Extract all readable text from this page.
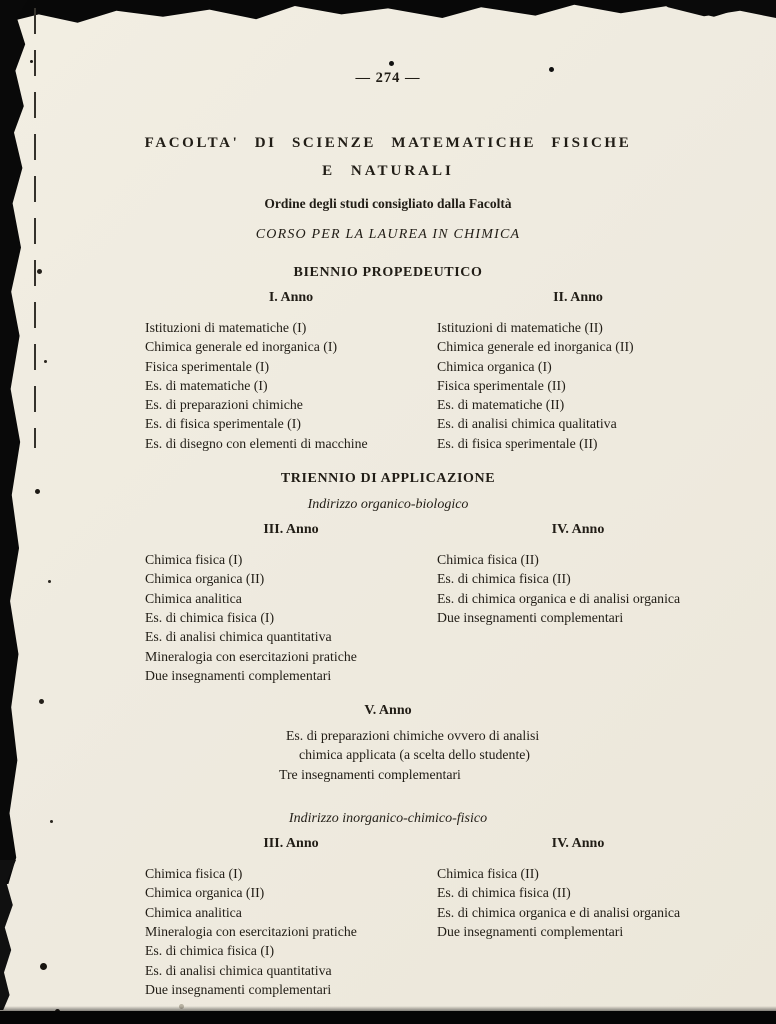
— 274 —
FACOLTA' DI SCIENZE MATEMATICHE FISICHE
E NATURALI
Ordine degli studi consigliato dalla Facoltà
CORSO PER LA LAUREA IN CHIMICA
BIENNIO PROPEDEUTICO
I. Anno
Istituzioni di matematiche (I)
Chimica generale ed inorganica (I)
Fisica sperimentale (I)
Es. di matematiche (I)
Es. di preparazioni chimiche
Es. di fisica sperimentale (I)
Es. di disegno con elementi di macchine
II. Anno
Istituzioni di matematiche (II)
Chimica generale ed inorganica (II)
Chimica organica (I)
Fisica sperimentale (II)
Es. di matematiche (II)
Es. di analisi chimica qualitativa
Es. di fisica sperimentale (II)
TRIENNIO DI APPLICAZIONE
Indirizzo organico-biologico
III. Anno
Chimica fisica (I)
Chimica organica (II)
Chimica analitica
Es. di chimica fisica (I)
Es. di analisi chimica quantitativa
Mineralogia con esercitazioni pratiche
Due insegnamenti complementari
IV. Anno
Chimica fisica (II)
Es. di chimica fisica (II)
Es. di chimica organica e di analisi organica
Due insegnamenti complementari
V. Anno
Es. di preparazioni chimiche ovvero di analisi
chimica applicata (a scelta dello studente)
Tre insegnamenti complementari
Indirizzo inorganico-chimico-fisico
III. Anno
Chimica fisica (I)
Chimica organica (II)
Chimica analitica
Mineralogia con esercitazioni pratiche
Es. di chimica fisica (I)
Es. di analisi chimica quantitativa
Due insegnamenti complementari
IV. Anno
Chimica fisica (II)
Es. di chimica fisica (II)
Es. di chimica organica e di analisi organica
Due insegnamenti complementari
